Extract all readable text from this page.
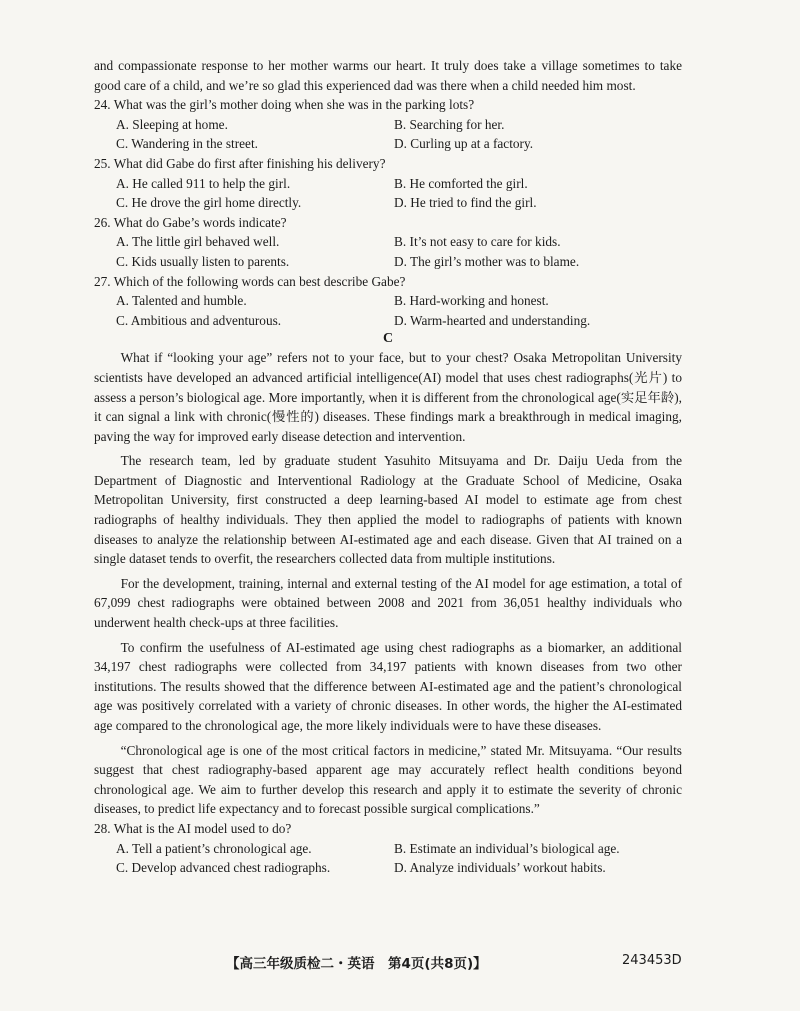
and compassionate response to her mother warms our heart. It truly does take a village sometimes to take good care of a child, and we’re so glad this experienced dad was there when a child needed him most.

24. What was the girl’s mother doing when she was in the parking lots?

A. Sleeping at home.	B. Searching for her.
C. Wandering in the street.	D. Curling up at a factory.

25. What did Gabe do first after finishing his delivery?

A. He called 911 to help the girl.	B. He comforted the girl.
C. He drove the girl home directly.	D. He tried to find the girl.

26. What do Gabe’s words indicate?

A. The little girl behaved well.	B. It’s not easy to care for kids.
C. Kids usually listen to parents.	D. The girl’s mother was to blame.

27. Which of the following words can best describe Gabe?

A. Talented and humble.	B. Hard-working and honest.
C. Ambitious and adventurous.	D. Warm-hearted and understanding.

C

What if “looking your age” refers not to your face, but to your chest? Osaka Metropolitan University scientists have developed an advanced artificial intelligence(AI) model that uses chest radiographs(光片) to assess a person’s biological age. More importantly, when it is different from the chronological age(实足年龄), it can signal a link with chronic(慢性的) diseases. These findings mark a breakthrough in medical imaging, paving the way for improved early disease detection and intervention.

The research team, led by graduate student Yasuhito Mitsuyama and Dr. Daiju Ueda from the Department of Diagnostic and Interventional Radiology at the Graduate School of Medicine, Osaka Metropolitan University, first constructed a deep learning-based AI model to estimate age from chest radiographs of healthy individuals. They then applied the model to radiographs of patients with known diseases to analyze the relationship between AI-estimated age and each disease. Given that AI trained on a single dataset tends to overfit, the researchers collected data from multiple institutions.

For the development, training, internal and external testing of the AI model for age estimation, a total of 67,099 chest radiographs were obtained between 2008 and 2021 from 36,051 healthy individuals who underwent health check-ups at three facilities.

To confirm the usefulness of AI-estimated age using chest radiographs as a biomarker, an additional 34,197 chest radiographs were collected from 34,197 patients with known diseases from two other institutions. The results showed that the difference between AI-estimated age and the patient’s chronological age was positively correlated with a variety of chronic diseases. In other words, the higher the AI-estimated age compared to the chronological age, the more likely individuals were to have these diseases.

“Chronological age is one of the most critical factors in medicine,” stated Mr. Mitsuyama. “Our results suggest that chest radiography-based apparent age may accurately reflect health conditions beyond chronological age. We aim to further develop this research and apply it to estimate the severity of chronic diseases, to predict life expectancy and to forecast possible surgical complications.”

28. What is the AI model used to do?

A. Tell a patient’s chronological age.	B. Estimate an individual’s biological age.
C. Develop advanced chest radiographs.	D. Analyze individuals’ workout habits.
【高三年级质检二・英语　第4页(共8页)】	243453D
